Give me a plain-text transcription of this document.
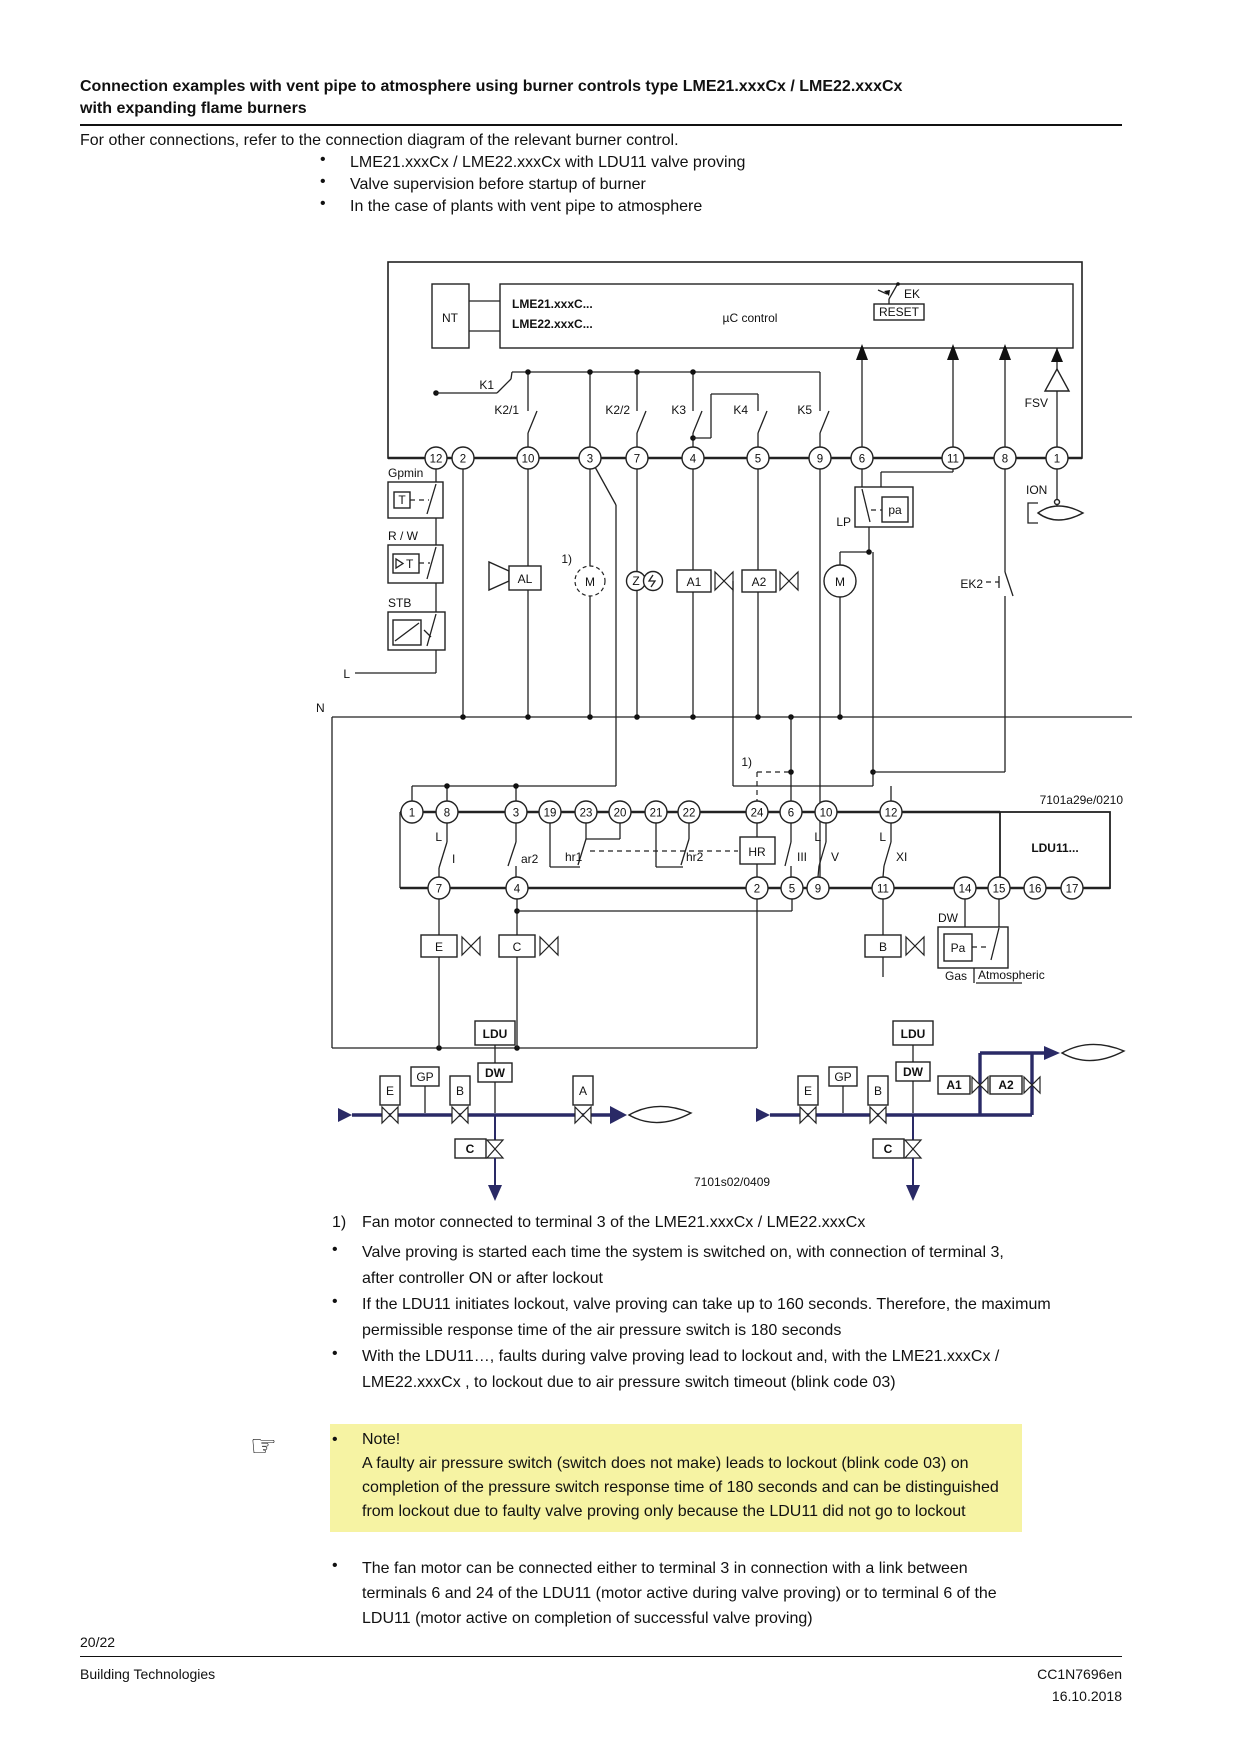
Connection examples with vent pipe to atmosphere using burner controls type LME21.xxxCx / LME22.xxxCx
with expanding flame burners
For other connections, refer to the connection diagram of the relevant burner control.
• LME21.xxxCx / LME22.xxxCx with LDU11 valve proving
• Valve supervision before startup of burner
• In the case of plants with vent pipe to atmosphere
NT
LME21.xxxC...
LME22.xxxC...	µC control
EK
RESET
FSV
K1
K2/1	K2/2	K3	K4	K5
Gpmin
T
R / W
T
STB
L
AL	M
1)
Z	A1	A2
pa
LP
M	EK2
ION
12 2	10	3	7	4	5	9	6	11	8	1
N
1)
7101a29e/0210
LDU11...
L
I	ar2 hr1	hr2	HR	III
L
V
L
XI
1 8	3 19 23 20 21 22	24 6 10	12
7	4	2 5 9	11	14 15 16 17
E	C	B
DW
Pa
Gas Atmospheric
E
GP
B
LDU
DW
C
A
7101s02/0409
E
GP
B
LDU
DW
C
A1	A2
1) Fan motor connected to terminal 3 of the LME21.xxxCx / LME22.xxxCx
• Valve proving is started each time the system is switched on, with connection of terminal 3, after controller ON or after lockout
• If the LDU11 initiates lockout, valve proving can take up to 160 seconds. Therefore, the maximum permissible response time of the air pressure switch is 180 seconds
• With the LDU11…, faults during valve proving lead to lockout and, with the LME21.xxxCx / LME22.xxxCx , to lockout due to air pressure switch timeout (blink code 03)
☞	• Note!
A faulty air pressure switch (switch does not make) leads to lockout (blink code 03) on completion of the pressure switch response time of 180 seconds and can be distinguished from lockout due to faulty valve proving only because the LDU11 did not go to lockout
• The fan motor can be connected either to terminal 3 in connection with a link between terminals 6 and 24 of the LDU11 (motor active during valve proving) or to terminal 6 of the LDU11 (motor active on completion of successful valve proving)
20/22
Building Technologies	CC1N7696en
16.10.2018
